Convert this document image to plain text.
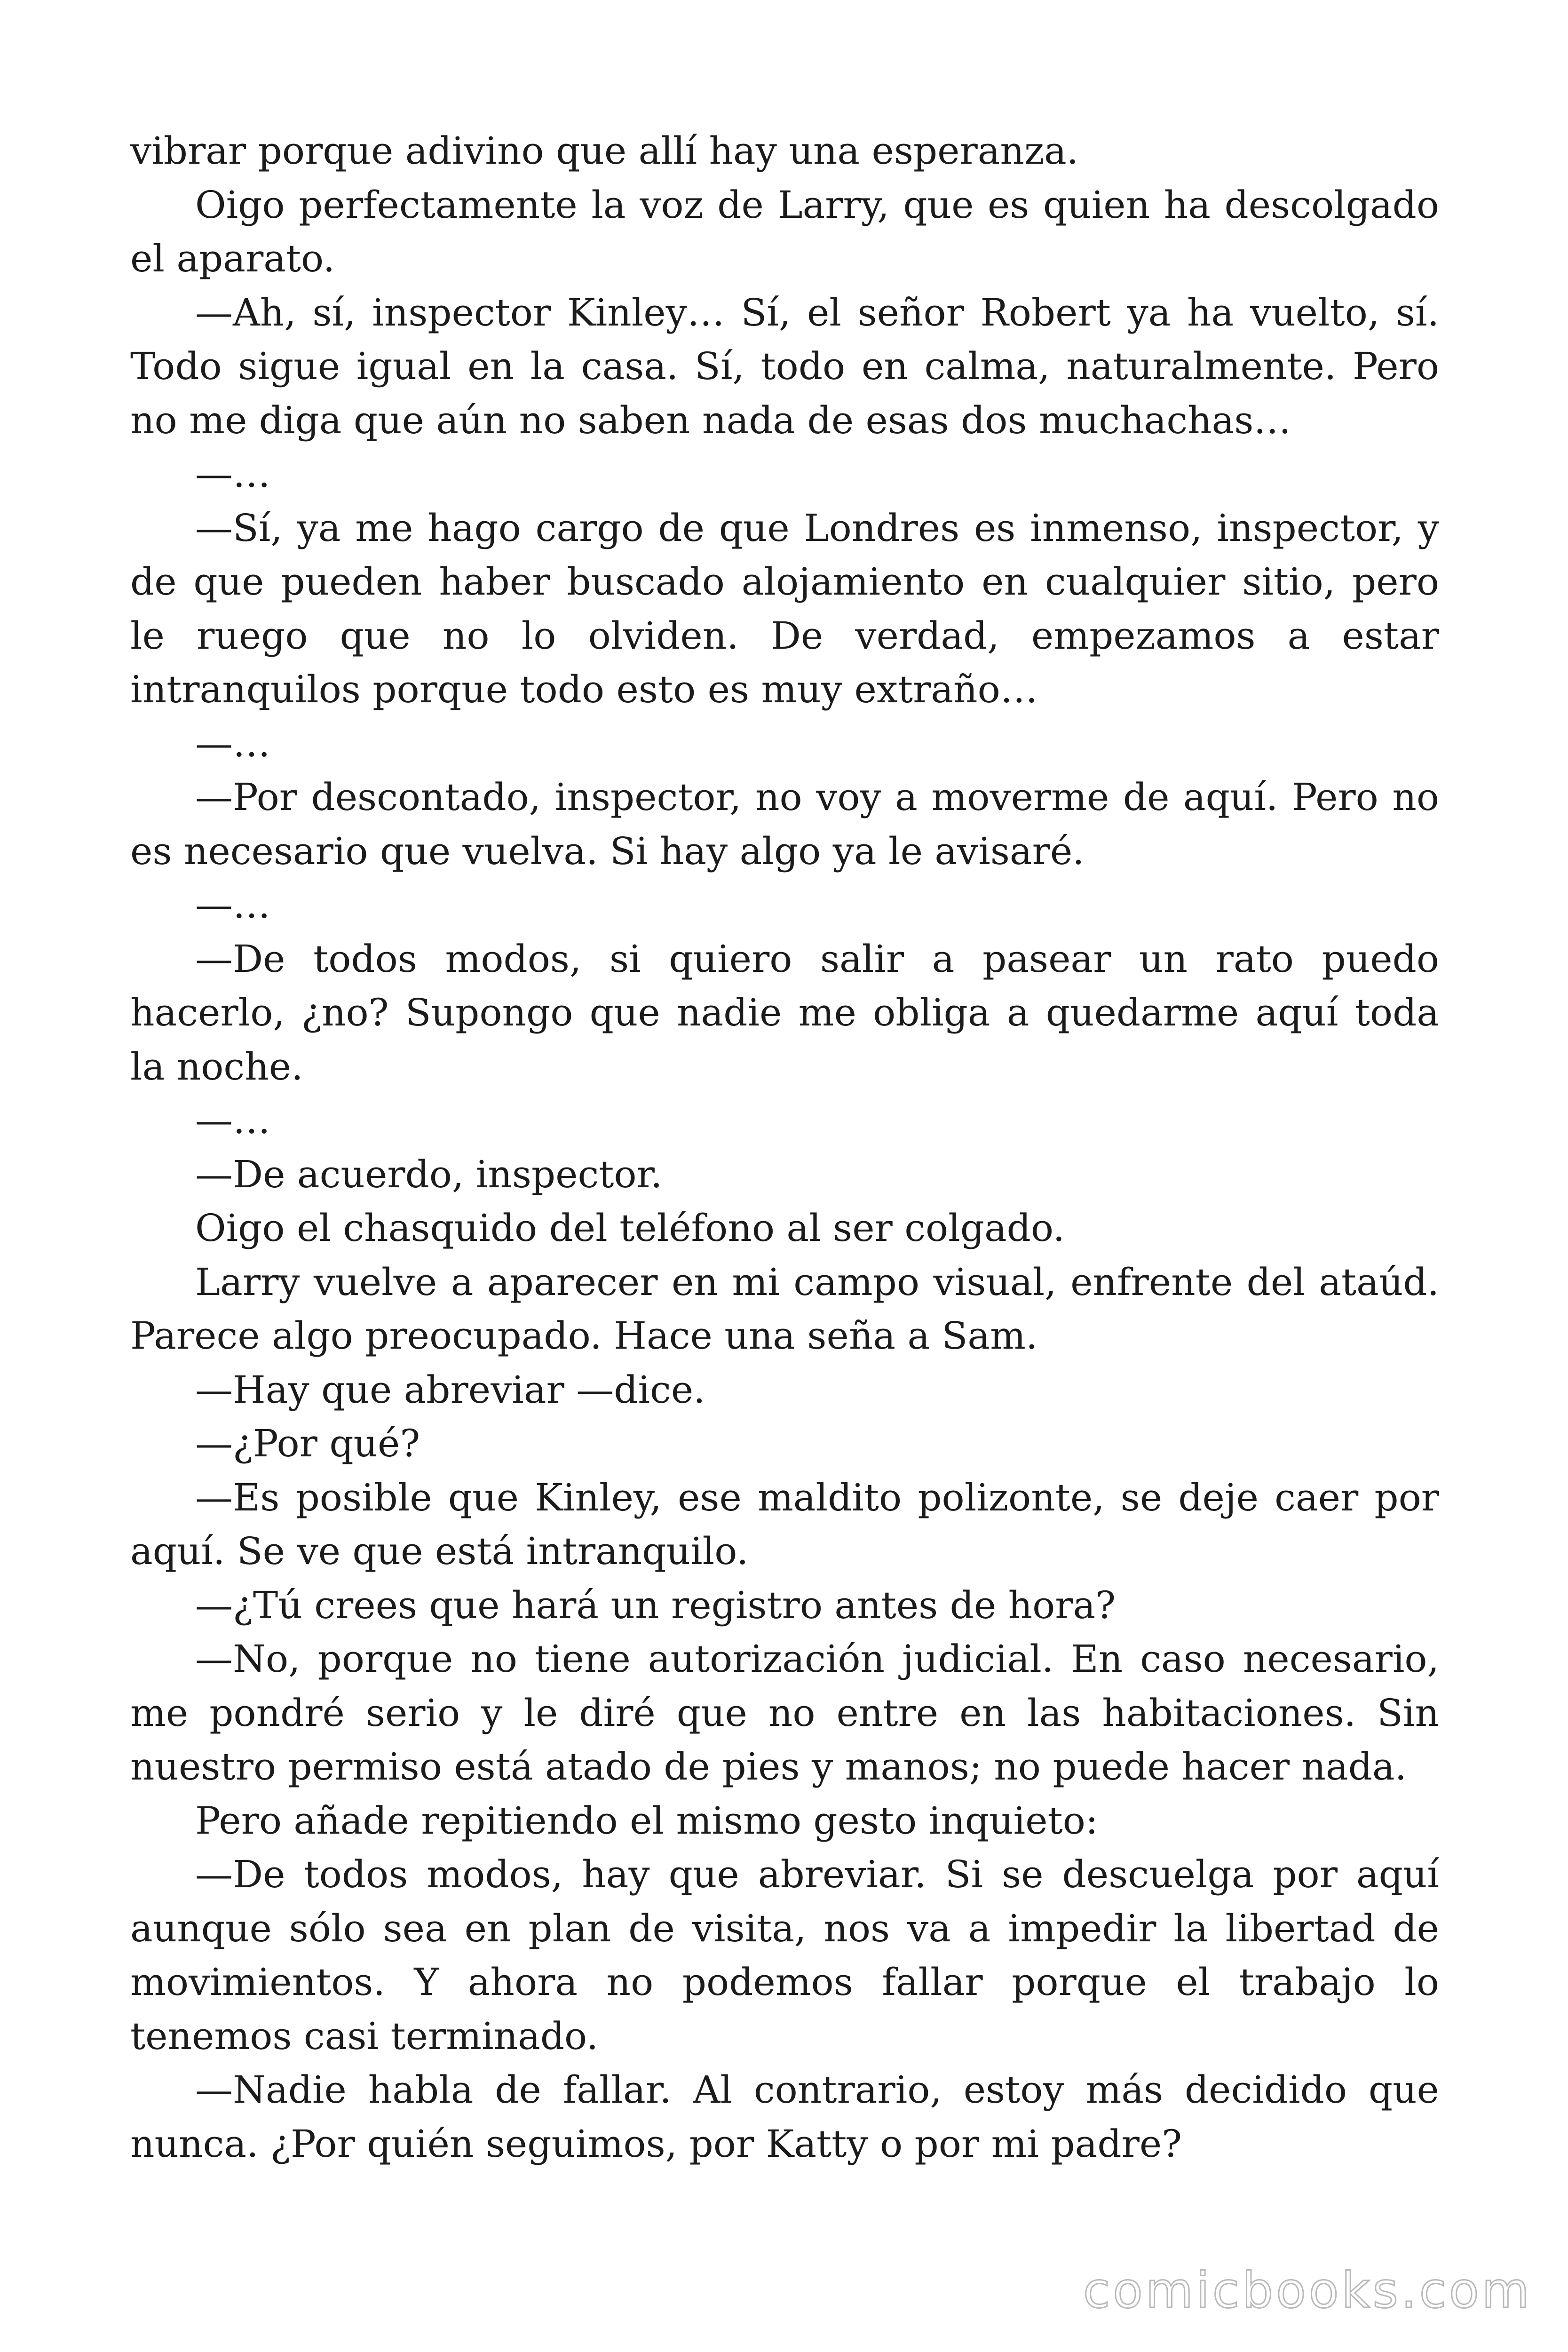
vibrar porque adivino que allí hay una esperanza.

Oigo perfectamente la voz de Larry, que es quien ha descolgado el aparato.

—Ah, sí, inspector Kinley… Sí, el señor Robert ya ha vuelto, sí. Todo sigue igual en la casa. Sí, todo en calma, naturalmente. Pero no me diga que aún no saben nada de esas dos muchachas…

—…

—Sí, ya me hago cargo de que Londres es inmenso, inspector, y de que pueden haber buscado alojamiento en cualquier sitio, pero le ruego que no lo olviden. De verdad, empezamos a estar intranquilos porque todo esto es muy extraño…

—…

—Por descontado, inspector, no voy a moverme de aquí. Pero no es necesario que vuelva. Si hay algo ya le avisaré.

—…

—De todos modos, si quiero salir a pasear un rato puedo hacerlo, ¿no? Supongo que nadie me obliga a quedarme aquí toda la noche.

—…

—De acuerdo, inspector.

Oigo el chasquido del teléfono al ser colgado.

Larry vuelve a aparecer en mi campo visual, enfrente del ataúd. Parece algo preocupado. Hace una seña a Sam.

—Hay que abreviar —dice.

—¿Por qué?

—Es posible que Kinley, ese maldito polizonte, se deje caer por aquí. Se ve que está intranquilo.

—¿Tú crees que hará un registro antes de hora?

—No, porque no tiene autorización judicial. En caso necesario, me pondré serio y le diré que no entre en las habitaciones. Sin nuestro permiso está atado de pies y manos; no puede hacer nada.

Pero añade repitiendo el mismo gesto inquieto:

—De todos modos, hay que abreviar. Si se descuelga por aquí aunque sólo sea en plan de visita, nos va a impedir la libertad de movimientos. Y ahora no podemos fallar porque el trabajo lo tenemos casi terminado.

—Nadie habla de fallar. Al contrario, estoy más decidido que nunca. ¿Por quién seguimos, por Katty o por mi padre?

comicbooks.com
